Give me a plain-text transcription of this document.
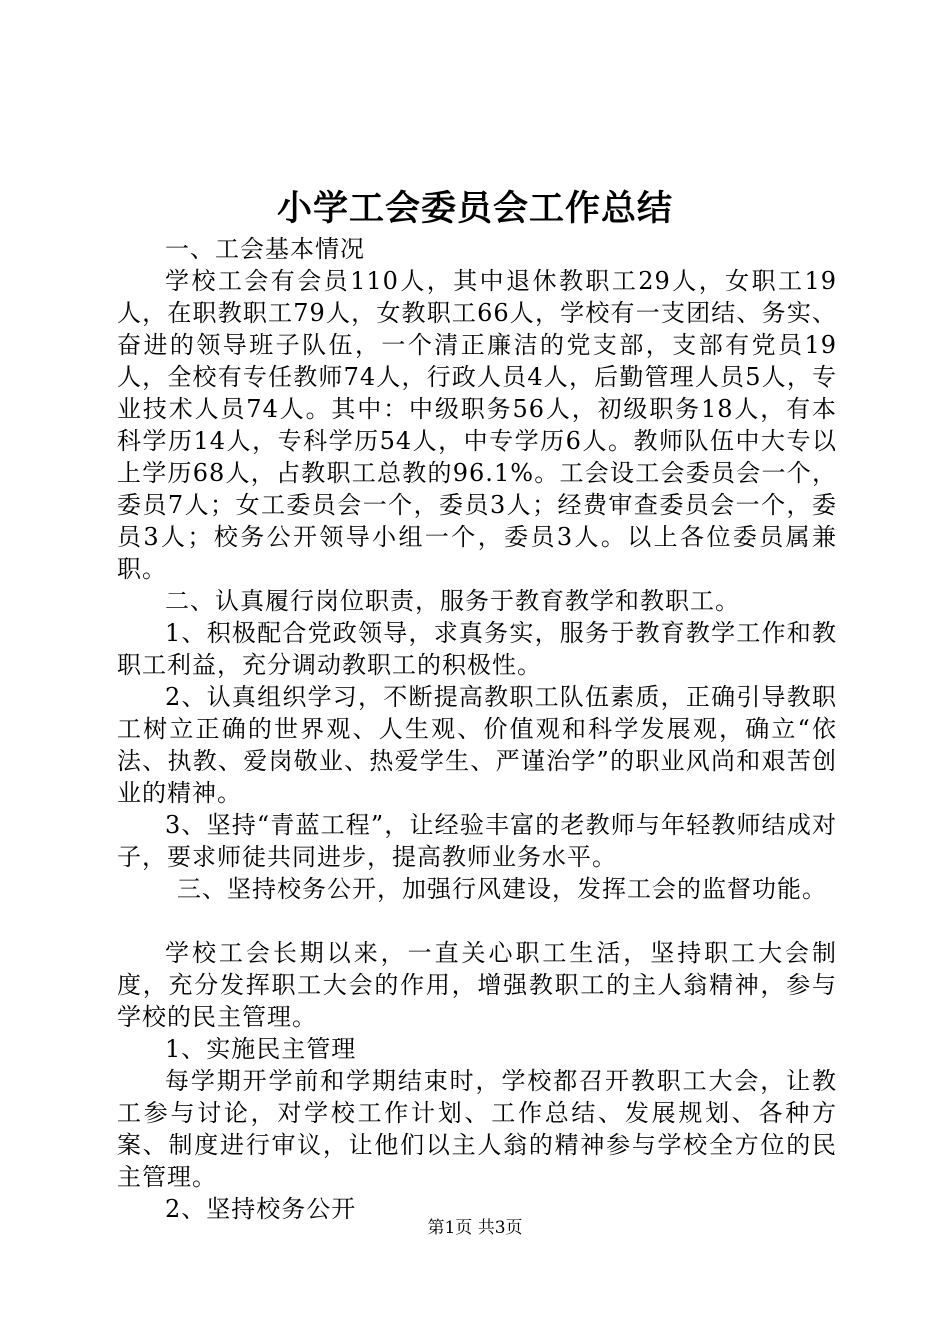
小学工会委员会工作总结

一、工会基本情况

学校工会有会员110人，其中退休教职工29人，女职工19人，在职教职工79人，女教职工66人，学校有一支团结、务实、奋进的领导班子队伍，一个清正廉洁的党支部，支部有党员19人，全校有专任教师74人，行政人员4人，后勤管理人员5人，专业技术人员74人。其中：中级职务56人，初级职务18人，有本科学历14人，专科学历54人，中专学历6人。教师队伍中大专以上学历68人，占教职工总教的96.1%。工会设工会委员会一个，委员7人；女工委员会一个，委员3人；经费审查委员会一个，委员3人；校务公开领导小组一个，委员3人。以上各位委员属兼职。

二、认真履行岗位职责，服务于教育教学和教职工。

1、积极配合党政领导，求真务实，服务于教育教学工作和教职工利益，充分调动教职工的积极性。

2、认真组织学习，不断提高教职工队伍素质，正确引导教职工树立正确的世界观、人生观、价值观和科学发展观，确立“依法、执教、爱岗敬业、热爱学生、严谨治学”的职业风尚和艰苦创业的精神。

3、坚持“青蓝工程”，让经验丰富的老教师与年轻教师结成对子，要求师徒共同进步，提高教师业务水平。

三、坚持校务公开，加强行风建设，发挥工会的监督功能。

学校工会长期以来，一直关心职工生活，坚持职工大会制度，充分发挥职工大会的作用，增强教职工的主人翁精神，参与学校的民主管理。

1、实施民主管理

每学期开学前和学期结束时，学校都召开教职工大会，让教工参与讨论，对学校工作计划、工作总结、发展规划、各种方案、制度进行审议，让他们以主人翁的精神参与学校全方位的民主管理。

2、坚持校务公开

第1页 共3页
